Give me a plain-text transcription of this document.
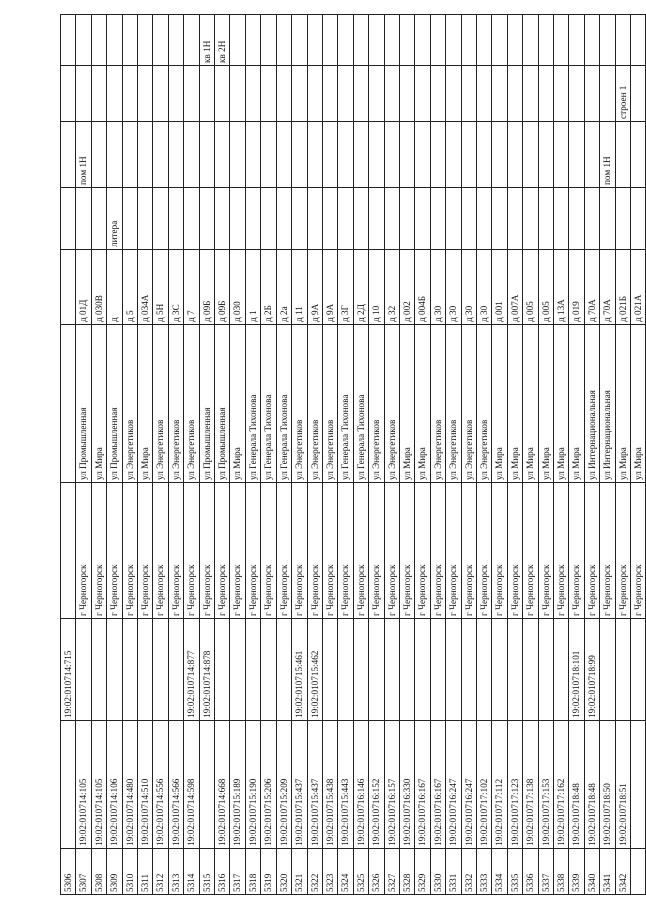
5306		19:02:010714:715							
5307	19:02:010714:105		г Черногорск	ул Промышленная	д 01Д		пом 1Н		
5308	19:02:010714:105		г Черногорск	ул Мира	д 030В				
5309	19:02:010714:106		г Черногорск	ул Промышленная	д	литера			
5310	19:02:010714:480		г Черногорск	ул Энергетиков	д 5				
5311	19:02:010714:510		г Черногорск	ул Мира	д 034А				
5312	19:02:010714:556		г Черногорск	ул Энергетиков	д 5Н				
5313	19:02:010714:566		г Черногорск	ул Энергетиков	д 3С				
5314	19:02:010714:598	19:02:010714:877	г Черногорск	ул Энергетиков	д 7				
5315		19:02:010714:878	г Черногорск	ул Промышленная	д 09Б				кв 1Н
5316	19:02:010714:668		г Черногорск	ул Промышленная	д 09Б				кв 2Н
5317	19:02:010715:189		г Черногорск	ул Мира	д 030				
5318	19:02:010715:190		г Черногорск	ул Генерала Тихонова	д 1				
5319	19:02:010715:206		г Черногорск	ул Генерала Тихонова	д 2Б				
5320	19:02:010715:209		г Черногорск	ул Генерала Тихонова	д 2а				
5321	19:02:010715:437	19:02:010715:461	г Черногорск	ул Энергетиков	д 11				
5322	19:02:010715:437	19:02:010715:462	г Черногорск	ул Энергетиков	д 9А				
5323	19:02:010715:438		г Черногорск	ул Энергетиков	д 9А				
5324	19:02:010715:443		г Черногорск	ул Генерала Тихонова	д 3Г				
5325	19:02:010716:146		г Черногорск	ул Генерала Тихонова	д 2Д				
5326	19:02:010716:152		г Черногорск	ул Энергетиков	д 10				
5327	19:02:010716:157		г Черногорск	ул Энергетиков	д 32				
5328	19:02:010716:330		г Черногорск	ул Мира	д 002				
5329	19:02:010716:167		г Черногорск	ул Мира	д 004Б				
5330	19:02:010716:167		г Черногорск	ул Энергетиков	д 30				
5331	19:02:010716:247		г Черногорск	ул Энергетиков	д 30				
5332	19:02:010716:247		г Черногорск	ул Энергетиков	д 30				
5333	19:02:010717:102		г Черногорск	ул Энергетиков	д 30				
5334	19:02:010717:112		г Черногорск	ул Мира	д 001				
5335	19:02:010717:123		г Черногорск	ул Мира	д 007А				
5336	19:02:010717:138		г Черногорск	ул Мира	д 005				
5337	19:02:010717:153		г Черногорск	ул Мира	д 005				
5338	19:02:010717:162		г Черногорск	ул Мира	д 13А				
5339	19:02:010718:48	19:02:010718:101	г Черногорск	ул Мира	д 019				
5340	19:02:010718:48	19:02:010718:99	г Черногорск	ул Интернациональная	д 70А				
5341	19:02:010718:50		г Черногорск	ул Интернациональная	д 70А		пом 1Н		
5342	19:02:010718:51		г Черногорск	ул Мира	д 021Б			строен 1	
			г Черногорск	ул Мира	д 021А				
